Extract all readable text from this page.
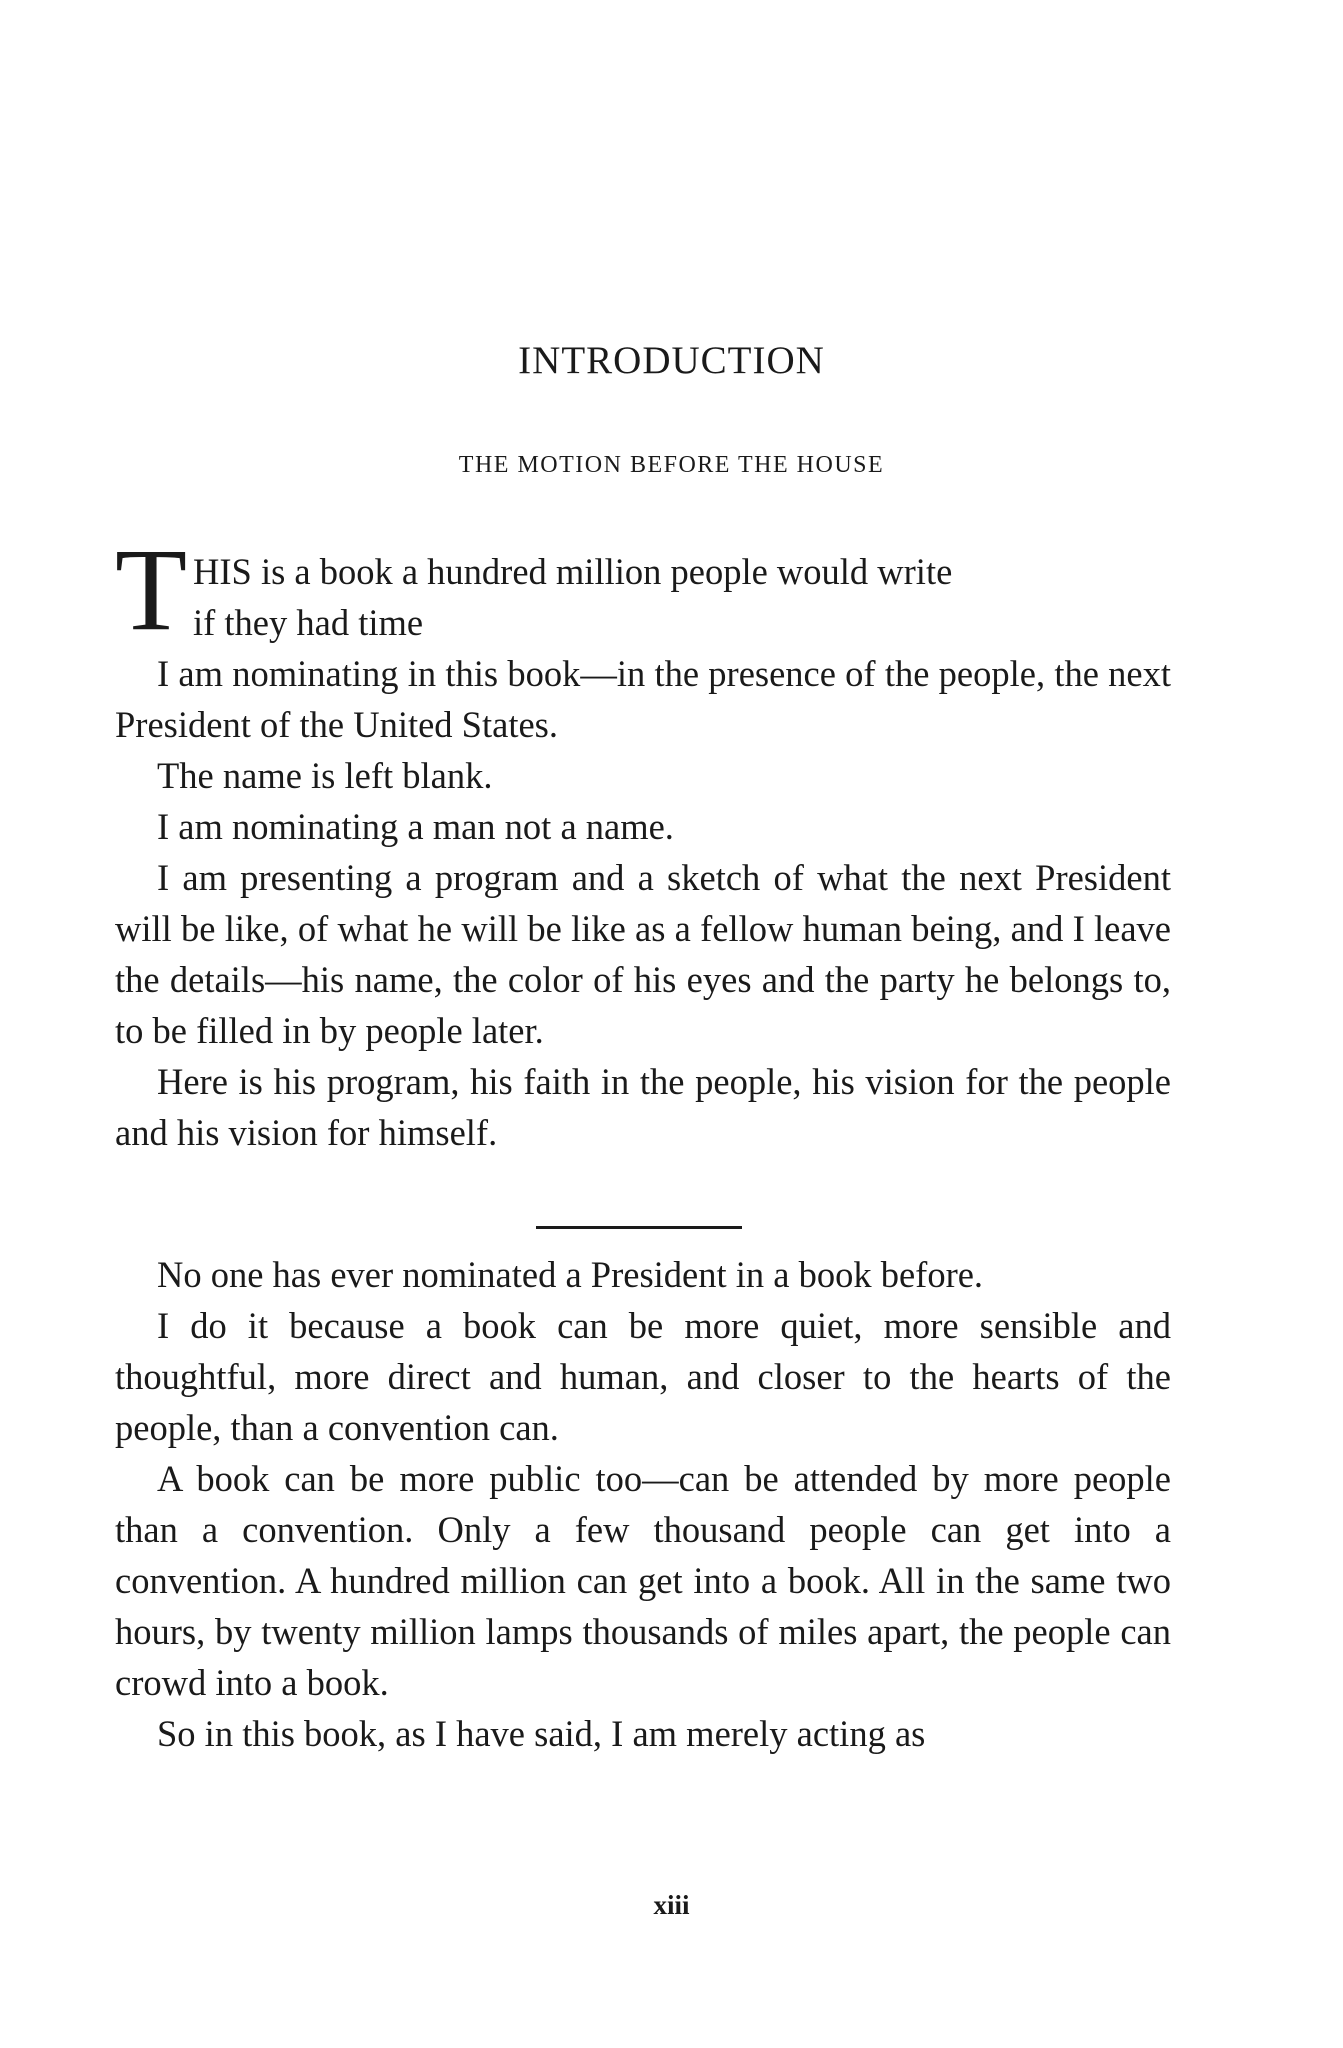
INTRODUCTION
THE MOTION BEFORE THE HOUSE
T HIS is a book a hundred million people would write

if they had time

I am nominating in this book—in the presence of the people, the next President of the United States.

The name is left blank.

I am nominating a man not a name.

I am presenting a program and a sketch of what the next President will be like, of what he will be like as a fellow human being, and I leave the details—his name, the color of his eyes and the party he belongs to, to be filled in by people later.

Here is his program, his faith in the people, his vision for the people and his vision for himself.

No one has ever nominated a President in a book before.

I do it because a book can be more quiet, more sensible and thoughtful, more direct and human, and closer to the hearts of the people, than a convention can.

A book can be more public too—can be attended by more people than a convention. Only a few thousand people can get into a convention. A hundred million can get into a book. All in the same two hours, by twenty million lamps thousands of miles apart, the people can crowd into a book.

So in this book, as I have said, I am merely acting as

xiii
